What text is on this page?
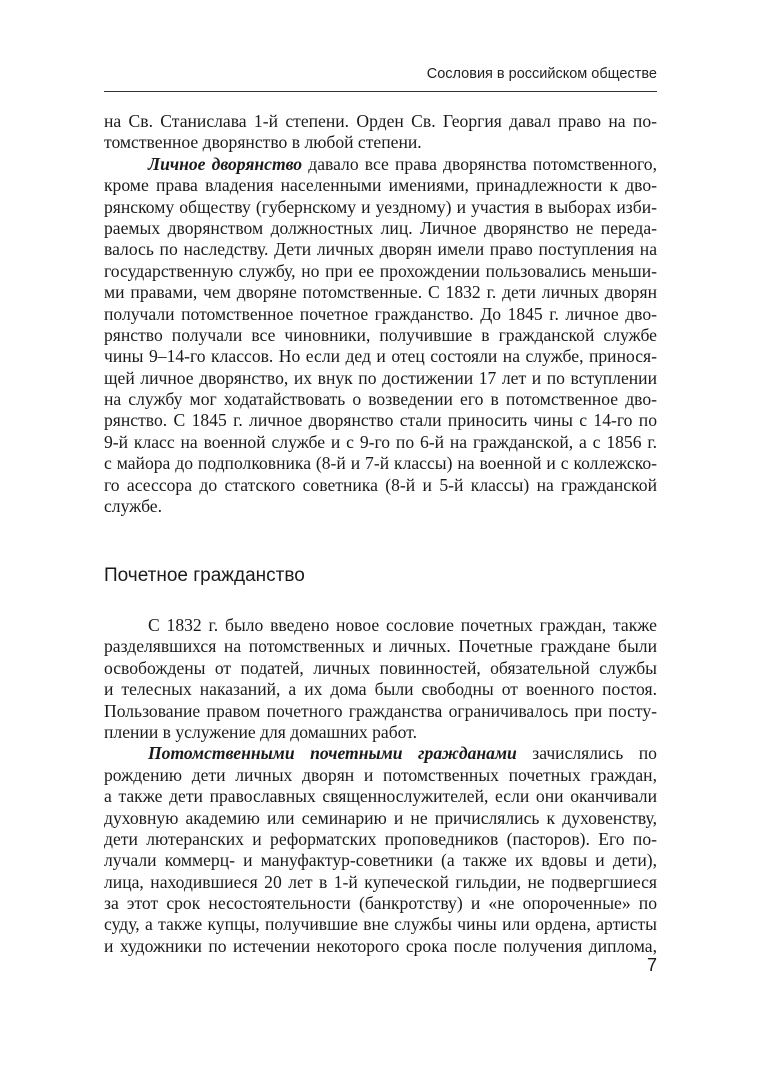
Сословия в российском обществе
на Св. Станислава 1-й степени. Орден Св. Георгия давал право на по-
томственное дворянство в любой степени.
Личное дворянство давало все права дворянства потомственного,
кроме права владения населенными имениями, принадлежности к дво-
рянскому обществу (губернскому и уездному) и участия в выборах изби-
раемых дворянством должностных лиц. Личное дворянство не переда-
валось по наследству. Дети личных дворян имели право поступления на
государственную службу, но при ее прохождении пользовались меньши-
ми правами, чем дворяне потомственные. С 1832 г. дети личных дворян
получали потомственное почетное гражданство. До 1845 г. личное дво-
рянство получали все чиновники, получившие в гражданской службе
чины 9–14-го классов. Но если дед и отец состояли на службе, принося-
щей личное дворянство, их внук по достижении 17 лет и по вступлении
на службу мог ходатайствовать о возведении его в потомственное дво-
рянство. С 1845 г. личное дворянство стали приносить чины с 14-го по
9-й класс на военной службе и с 9-го по 6-й на гражданской, а с 1856 г.
с майора до подполковника (8-й и 7-й классы) на военной и с коллежско-
го асессора до статского советника (8-й и 5-й классы) на гражданской
службе.
Почетное гражданство
С 1832 г. было введено новое сословие почетных граждан, также
разделявшихся на потомственных и личных. Почетные граждане были
освобождены от податей, личных повинностей, обязательной службы
и телесных наказаний, а их дома были свободны от военного постоя.
Пользование правом почетного гражданства ограничивалось при посту-
плении в услужение для домашних работ.
Потомственными почетными гражданами зачислялись по
рождению дети личных дворян и потомственных почетных граждан,
а также дети православных священнослужителей, если они оканчивали
духовную академию или семинарию и не причислялись к духовенству,
дети лютеранских и реформатских проповедников (пасторов). Его по-
лучали коммерц- и мануфактур-советники (а также их вдовы и дети),
лица, находившиеся 20 лет в 1-й купеческой гильдии, не подвергшиеся
за этот срок несостоятельности (банкротству) и «не опороченные» по
суду, а также купцы, получившие вне службы чины или ордена, артисты
и художники по истечении некоторого срока после получения диплома,
7
